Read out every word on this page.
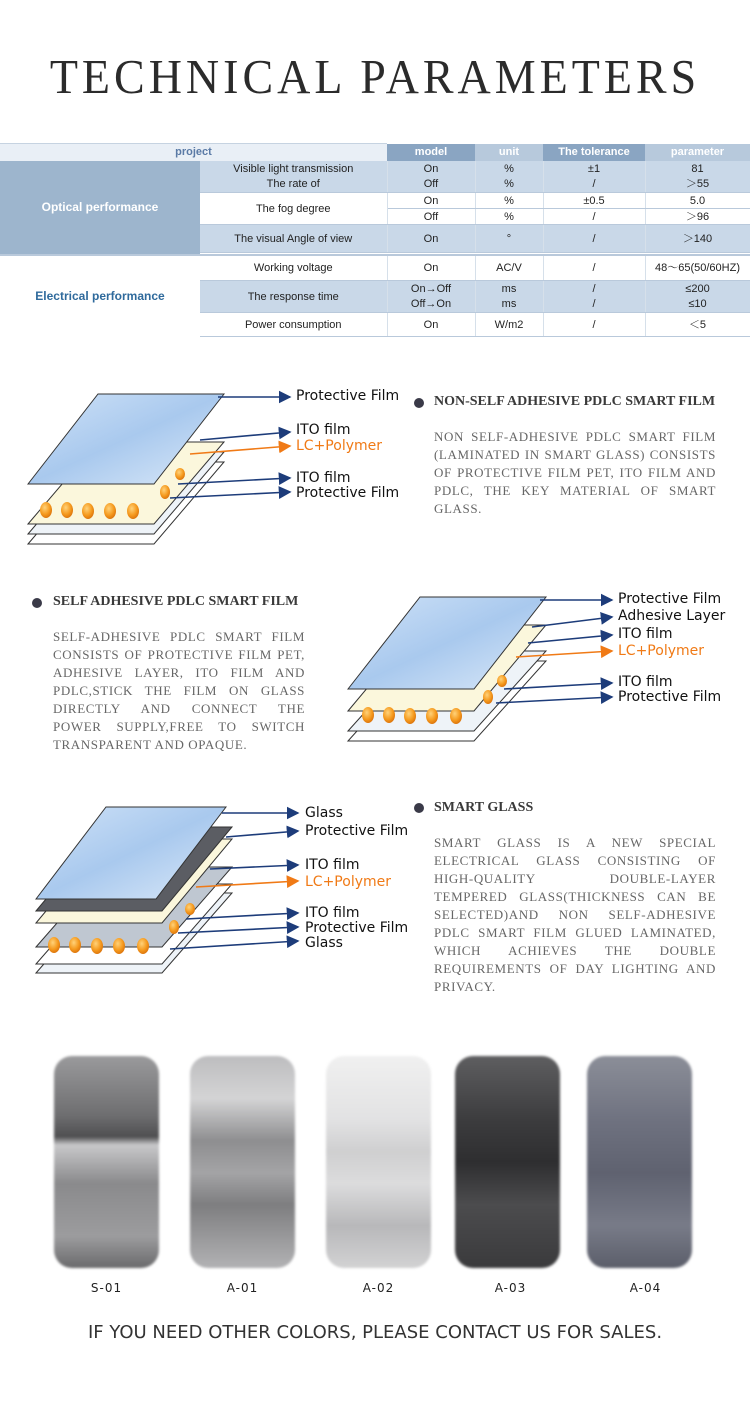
TECHNICAL PARAMETERS
project		model	unit	The tolerance	parameter
Optical performance	Visible light transmission	On	%	±1	81
	The rate of	Off	%	/	＞55
	The fog degree	On	%	±0.5	5.0
		Off	%	/	＞96
	The visual Angle of view	On	°	/	＞140

Electrical performance	Working voltage	On	AC/V	/	48～65(50/60HZ)
	The response time	On→Off	ms	/	≤200
		Off→On	ms	/	≤10
	Power consumption	On	W/m2	/	＜5
Protective Film
ITO film
LC+Polymer
ITO film
Protective Film
NON-SELF ADHESIVE PDLC SMART FILM
NON SELF-ADHESIVE PDLC SMART FILM (LAMINATED IN SMART GLASS) CONSISTS OF PROTECTIVE FILM PET, ITO FILM AND PDLC, THE KEY MATERIAL OF SMART GLASS.
SELF ADHESIVE PDLC SMART FILM
SELF-ADHESIVE PDLC SMART FILM CONSISTS OF PROTECTIVE FILM PET, ADHESIVE LAYER, ITO FILM AND PDLC,STICK THE FILM ON GLASS DIRECTLY AND CONNECT THE POWER SUPPLY,FREE TO SWITCH TRANSPARENT AND OPAQUE.
Protective Film
Adhesive Layer
ITO film
LC+Polymer
ITO film
Protective Film
Glass
Protective Film
ITO film
LC+Polymer
ITO film
Protective Film
Glass
SMART GLASS
SMART GLASS IS A NEW SPECIAL ELECTRICAL GLASS CONSISTING OF HIGH-QUALITY DOUBLE-LAYER TEMPERED GLASS(THICKNESS CAN BE SELECTED)AND NON SELF-ADHESIVE PDLC SMART FILM GLUED LAMINATED, WHICH ACHIEVES THE DOUBLE REQUIREMENTS OF DAY LIGHTING AND PRIVACY.
S-01	A-01	A-02	A-03	A-04
IF YOU NEED OTHER COLORS, PLEASE CONTACT US FOR SALES.
